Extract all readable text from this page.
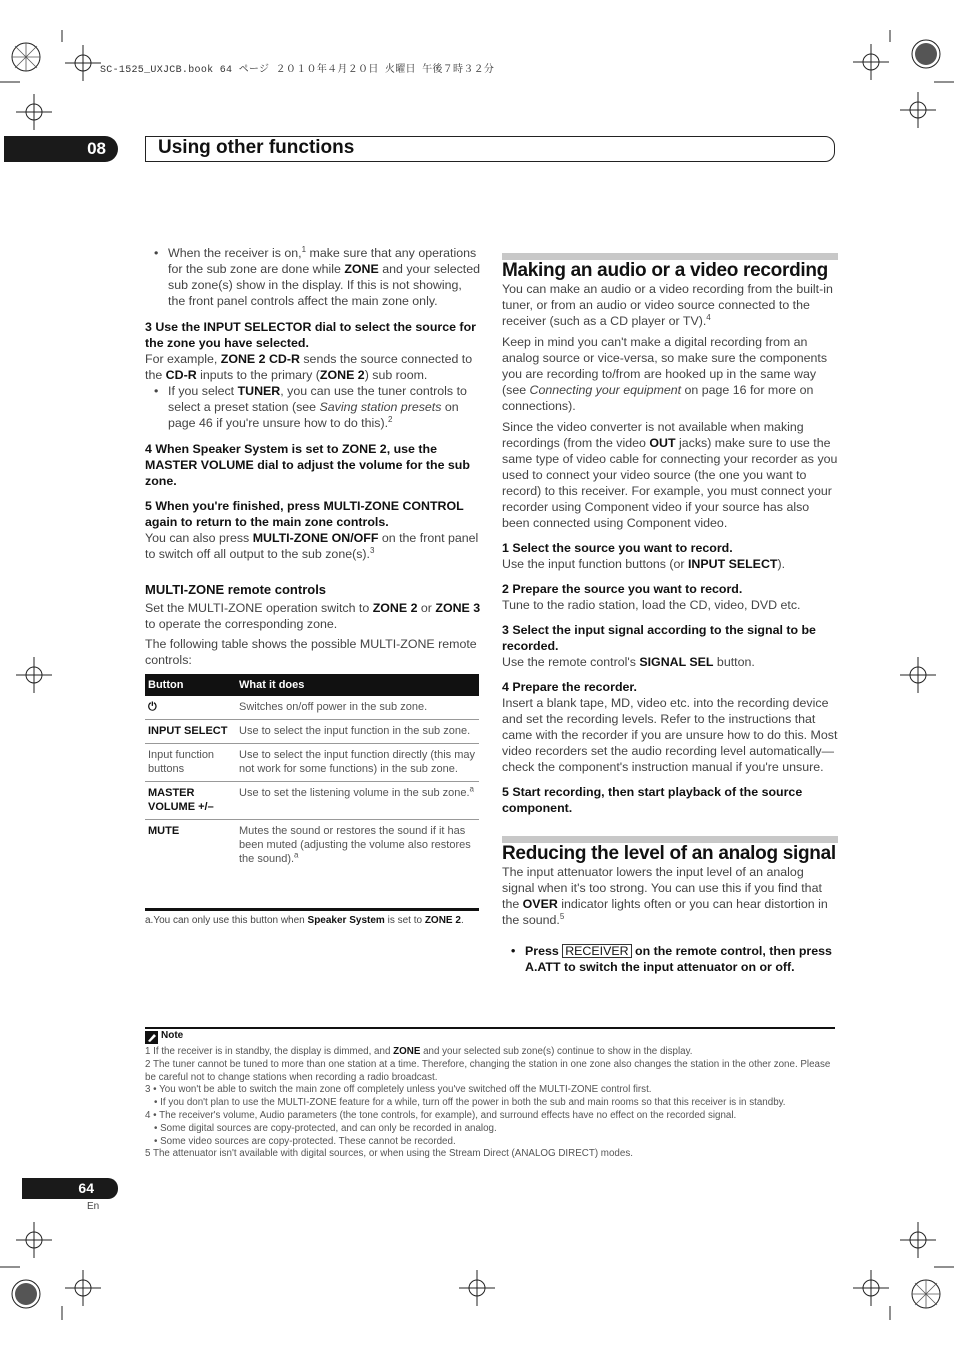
SC-1525_UXJCB.book 64 ページ ２０１０年４月２０日 火曜日 午後７時３２分
08	Using other functions
• When the receiver is on,$^1$ make sure that any operations for the sub zone are done while ZONE and your selected sub zone(s) show in the display. If this is not showing, the front panel controls affect the main zone only.
3 Use the INPUT SELECTOR dial to select the source for the zone you have selected.
For example, ZONE 2 CD-R sends the source connected to the CD-R inputs to the primary (ZONE 2) sub room.
• If you select TUNER, you can use the tuner controls to select a preset station (see Saving station presets on page 46 if you're unsure how to do this).$^2$
4 When Speaker System is set to ZONE 2, use the MASTER VOLUME dial to adjust the volume for the sub zone.
5 When you're finished, press MULTI-ZONE CONTROL again to return to the main zone controls.
You can also press MULTI-ZONE ON/OFF on the front panel to switch off all output to the sub zone(s).$^3$
MULTI-ZONE remote controls
Set the MULTI-ZONE operation switch to ZONE 2 or ZONE 3 to operate the corresponding zone.
The following table shows the possible MULTI-ZONE remote controls:
Button	What it does
⏻	Switches on/off power in the sub zone.
INPUT SELECT	Use to select the input function in the sub zone.
Input function buttons	Use to select the input function directly (this may not work for some functions) in the sub zone.
MASTER VOLUME +/–	Use to set the listening volume in the sub zone.$^a$
MUTE	Mutes the sound or restores the sound if it has been muted (adjusting the volume also restores the sound).$^a$
a.You can only use this button when Speaker System is set to ZONE 2.
Making an audio or a video recording
You can make an audio or a video recording from the built-in tuner, or from an audio or video source connected to the receiver (such as a CD player or TV).$^4$
Keep in mind you can't make a digital recording from an analog source or vice-versa, so make sure the components you are recording to/from are hooked up in the same way (see Connecting your equipment on page 16 for more on connections).
Since the video converter is not available when making recordings (from the video OUT jacks) make sure to use the same type of video cable for connecting your recorder as you used to connect your video source (the one you want to record) to this receiver. For example, you must connect your recorder using Component video if your source has also been connected using Component video.
1 Select the source you want to record.
Use the input function buttons (or INPUT SELECT).
2 Prepare the source you want to record.
Tune to the radio station, load the CD, video, DVD etc.
3 Select the input signal according to the signal to be recorded.
Use the remote control's SIGNAL SEL button.
4 Prepare the recorder.
Insert a blank tape, MD, video etc. into the recording device and set the recording levels. Refer to the instructions that came with the recorder if you are unsure how to do this. Most video recorders set the audio recording level automatically—check the component's instruction manual if you're unsure.
5 Start recording, then start playback of the source component.
Reducing the level of an analog signal
The input attenuator lowers the input level of an analog signal when it's too strong. You can use this if you find that the OVER indicator lights often or you can hear distortion in the sound.$^5$
• Press RECEIVER on the remote control, then press A.ATT to switch the input attenuator on or off.
Note
1 If the receiver is in standby, the display is dimmed, and ZONE and your selected sub zone(s) continue to show in the display.
2 The tuner cannot be tuned to more than one station at a time. Therefore, changing the station in one zone also changes the station in the other zone. Please be careful not to change stations when recording a radio broadcast.
3 • You won't be able to switch the main zone off completely unless you've switched off the MULTI-ZONE control first.
• If you don't plan to use the MULTI-ZONE feature for a while, turn off the power in both the sub and main rooms so that this receiver is in standby.
4 • The receiver's volume, Audio parameters (the tone controls, for example), and surround effects have no effect on the recorded signal.
• Some digital sources are copy-protected, and can only be recorded in analog.
• Some video sources are copy-protected. These cannot be recorded.
5 The attenuator isn't available with digital sources, or when using the Stream Direct (ANALOG DIRECT) modes.
64
En
